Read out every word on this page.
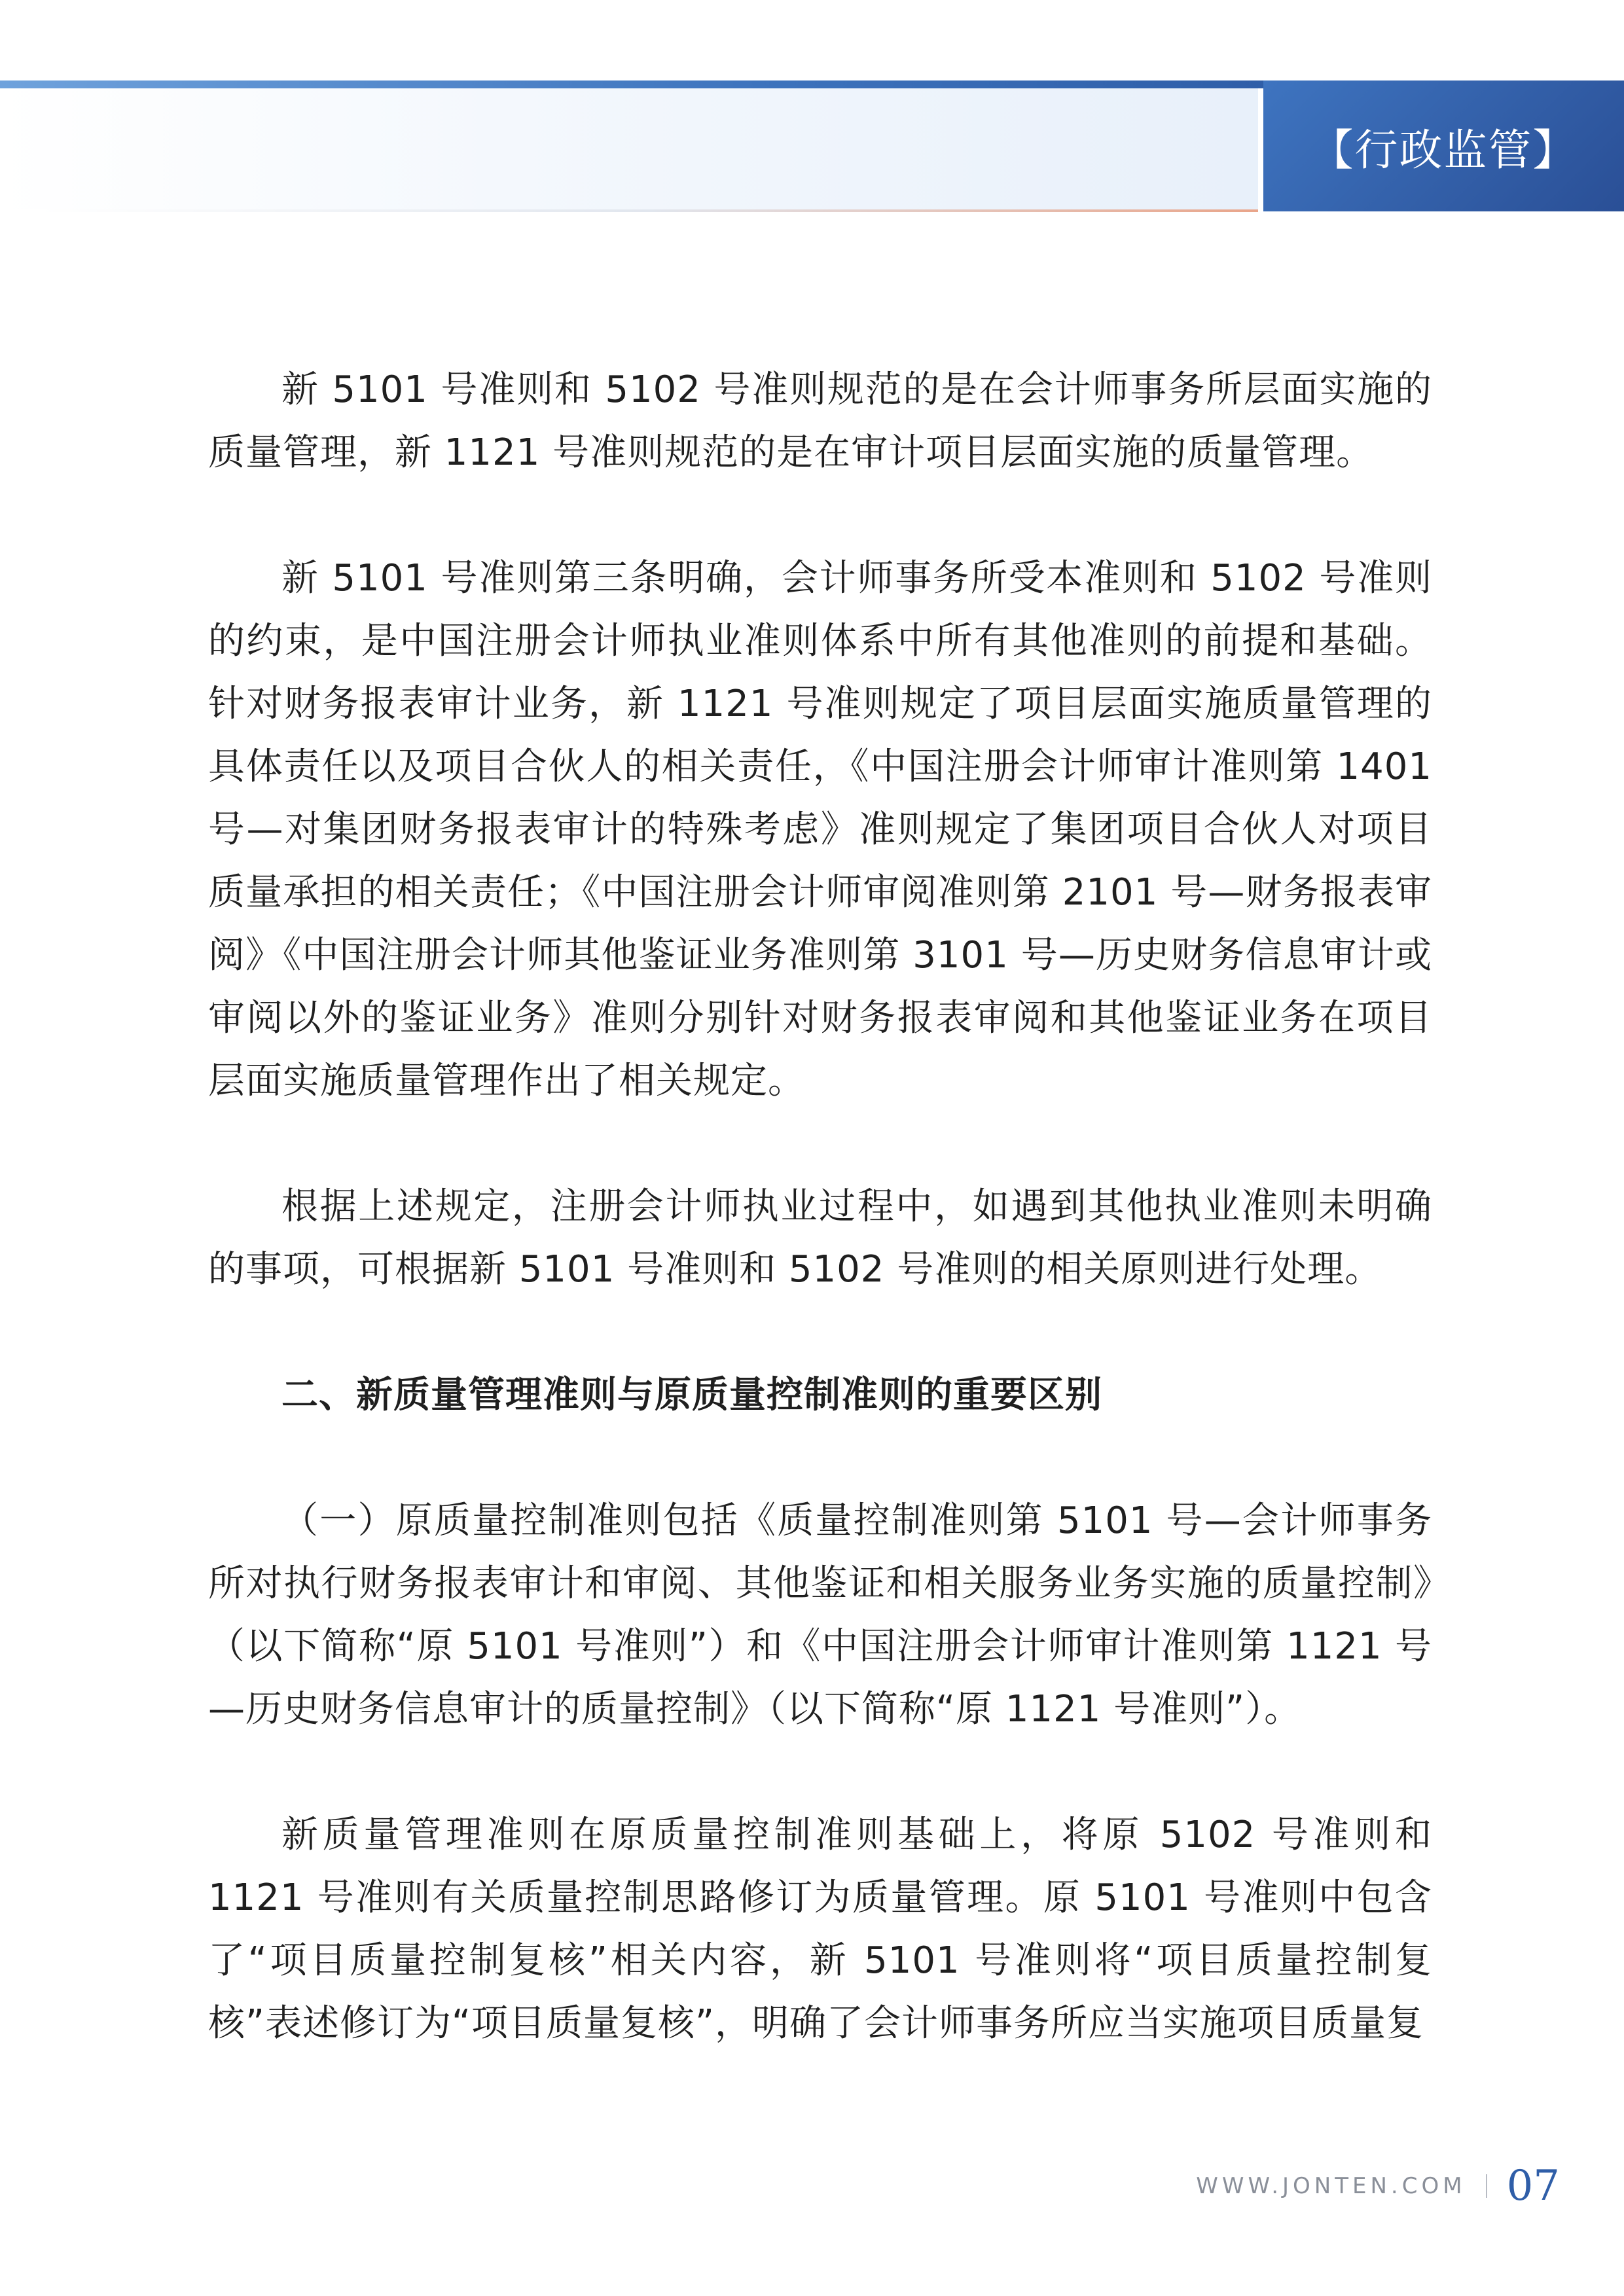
【行政监管】

新 5101 号准则和 5102 号准则规范的是在会计师事务所层面实施的质量管理，新 1121 号准则规范的是在审计项目层面实施的质量管理。

新 5101 号准则第三条明确，会计师事务所受本准则和 5102 号准则的约束，是中国注册会计师执业准则体系中所有其他准则的前提和基础。针对财务报表审计业务，新 1121 号准则规定了项目层面实施质量管理的具体责任以及项目合伙人的相关责任，《中国注册会计师审计准则第 1401 号—对集团财务报表审计的特殊考虑》准则规定了集团项目合伙人对项目质量承担的相关责任；《中国注册会计师审阅准则第 2101 号—财务报表审阅》《中国注册会计师其他鉴证业务准则第 3101 号—历史财务信息审计或审阅以外的鉴证业务》准则分别针对财务报表审阅和其他鉴证业务在项目层面实施质量管理作出了相关规定。

根据上述规定，注册会计师执业过程中，如遇到其他执业准则未明确的事项，可根据新 5101 号准则和 5102 号准则的相关原则进行处理。

二、新质量管理准则与原质量控制准则的重要区别

（一）原质量控制准则包括《质量控制准则第 5101 号—会计师事务所对执行财务报表审计和审阅、其他鉴证和相关服务业务实施的质量控制》（以下简称“原 5101 号准则”）和《中国注册会计师审计准则第 1121 号—历史财务信息审计的质量控制》（以下简称“原 1121 号准则”）。

新质量管理准则在原质量控制准则基础上，将原 5102 号准则和 1121 号准则有关质量控制思路修订为质量管理。原 5101 号准则中包含了“项目质量控制复核”相关内容，新 5101 号准则将“项目质量控制复核”表述修订为“项目质量复核”，明确了会计师事务所应当实施项目质量复

WWW.JONTEN.COM 07
